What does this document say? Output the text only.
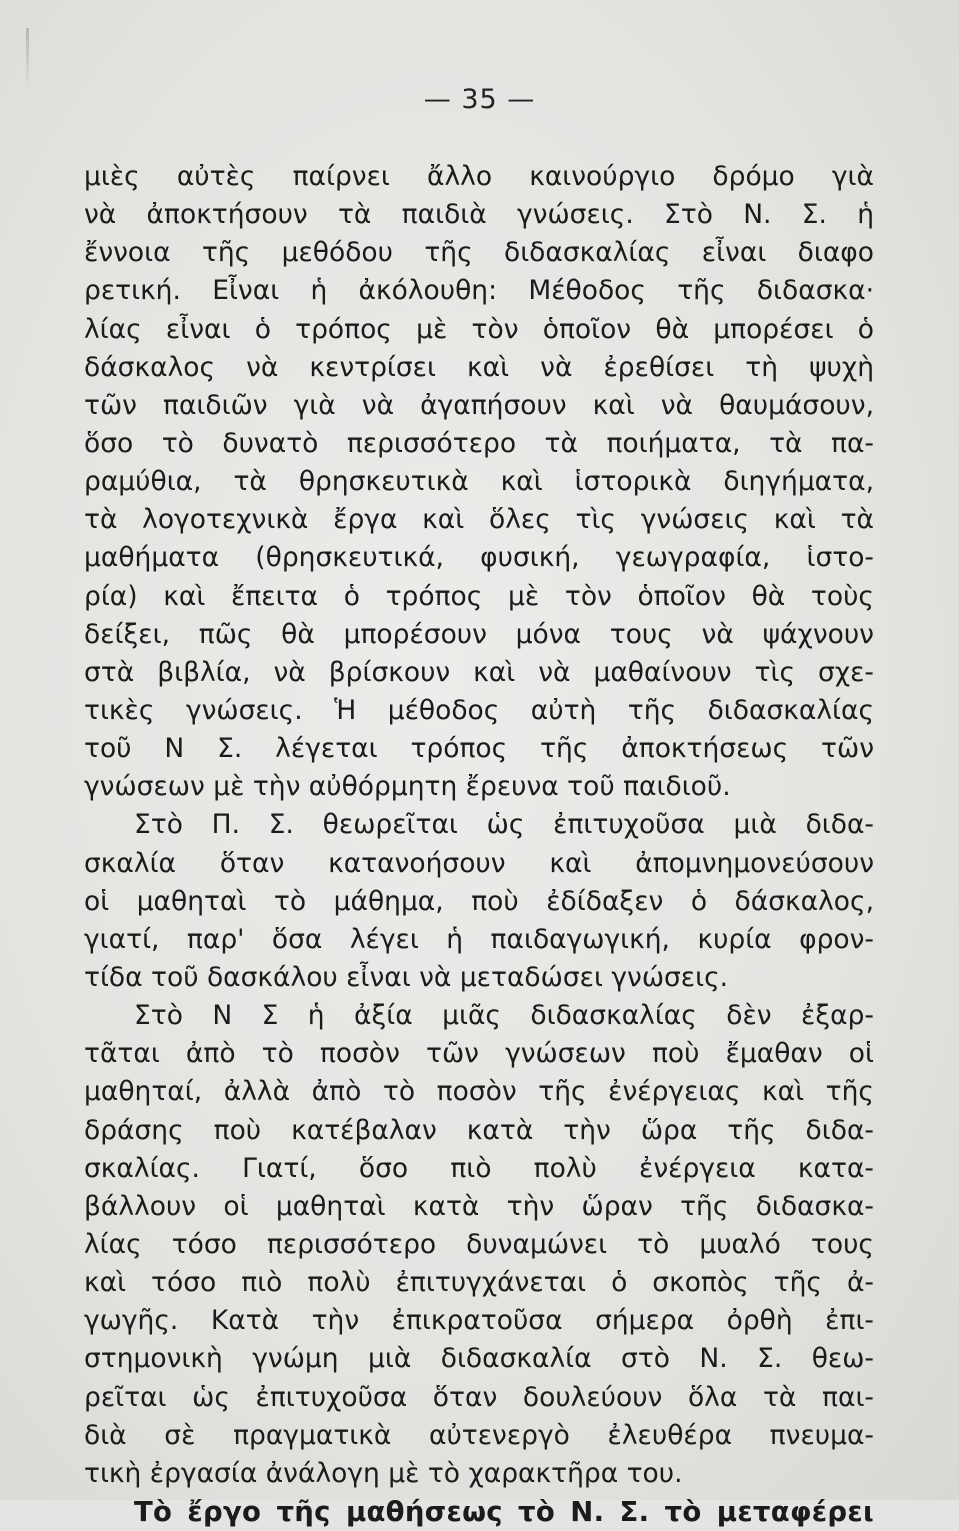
— 35 —
μιὲς αὐτὲς παίρνει ἄλλο καινούργιο δρόμο γιὰ
νὰ ἀποκτήσουν τὰ παιδιὰ γνώσεις. Στὸ Ν. Σ. ἡ
ἔννοια τῆς μεθόδου τῆς διδασκαλίας εἶναι διαφο
ρετική. Εἶναι ἡ ἀκόλουθη: Μέθοδος τῆς διδασκα·
λίας εἶναι ὁ τρόπος μὲ τὸν ὁποῖον θὰ μπορέσει ὁ
δάσκαλος νὰ κεντρίσει καὶ νὰ ἐρεθίσει τὴ ψυχὴ
τῶν παιδιῶν γιὰ νὰ ἀγαπήσουν καὶ νὰ θαυμάσουν,
ὅσο τὸ δυνατὸ περισσότερο τὰ ποιήματα, τὰ πα-
ραμύθια, τὰ θρησκευτικὰ καὶ ἱστορικὰ διηγήματα,
τὰ λογοτεχνικὰ ἔργα καὶ ὅλες τὶς γνώσεις καὶ τὰ
μαθήματα (θρησκευτικά, φυσική, γεωγραφία, ἱστο-
ρία) καὶ ἔπειτα ὁ τρόπος μὲ τὸν ὁποῖον θὰ τοὺς
δείξει, πῶς θὰ μπορέσουν μόνα τους νὰ ψάχνουν
στὰ βιβλία, νὰ βρίσκουν καὶ νὰ μαθαίνουν τὶς σχε-
τικὲς γνώσεις. Ἡ μέθοδος αὐτὴ τῆς διδασκαλίας
τοῦ Ν Σ. λέγεται τρόπος τῆς ἀποκτήσεως τῶν
γνώσεων μὲ τὴν αὐθόρμητη ἔρευνα τοῦ παιδιοῦ.
Στὸ Π. Σ. θεωρεῖται ὡς ἐπιτυχοῦσα μιὰ διδα-
σκαλία ὅταν κατανοήσουν καὶ ἀπομνημονεύσουν
οἱ μαθηταὶ τὸ μάθημα, ποὺ ἐδίδαξεν ὁ δάσκαλος,
γιατί, παρ' ὅσα λέγει ἡ παιδαγωγική, κυρία φρον-
τίδα τοῦ δασκάλου εἶναι νὰ μεταδώσει γνώσεις.
Στὸ Ν Σ ἡ ἀξία μιᾶς διδασκαλίας δὲν ἐξαρ-
τᾶται ἀπὸ τὸ ποσὸν τῶν γνώσεων ποὺ ἔμαθαν οἱ
μαθηταί, ἀλλὰ ἀπὸ τὸ ποσὸν τῆς ἐνέργειας καὶ τῆς
δράσης ποὺ κατέβαλαν κατὰ τὴν ὥρα τῆς διδα-
σκαλίας. Γιατί, ὅσο πιὸ πολὺ ἐνέργεια κατα-
βάλλουν οἱ μαθηταὶ κατὰ τὴν ὥραν τῆς διδασκα-
λίας τόσο περισσότερο δυναμώνει τὸ μυαλό τους
καὶ τόσο πιὸ πολὺ ἐπιτυγχάνεται ὁ σκοπὸς τῆς ἀ-
γωγῆς. Κατὰ τὴν ἐπικρατοῦσα σήμερα ὀρθὴ ἐπι-
στημονικὴ γνώμη μιὰ διδασκαλία στὸ Ν. Σ. θεω-
ρεῖται ὡς ἐπιτυχοῦσα ὅταν δουλεύουν ὅλα τὰ παι-
διὰ σὲ πραγματικὰ αὐτενεργὸ ἐλευθέρα πνευμα-
τικὴ ἐργασία ἀνάλογη μὲ τὸ χαρακτῆρα του.
Τὸ ἔργο τῆς μαθήσεως τὸ Ν. Σ. τὸ μεταφέρει
